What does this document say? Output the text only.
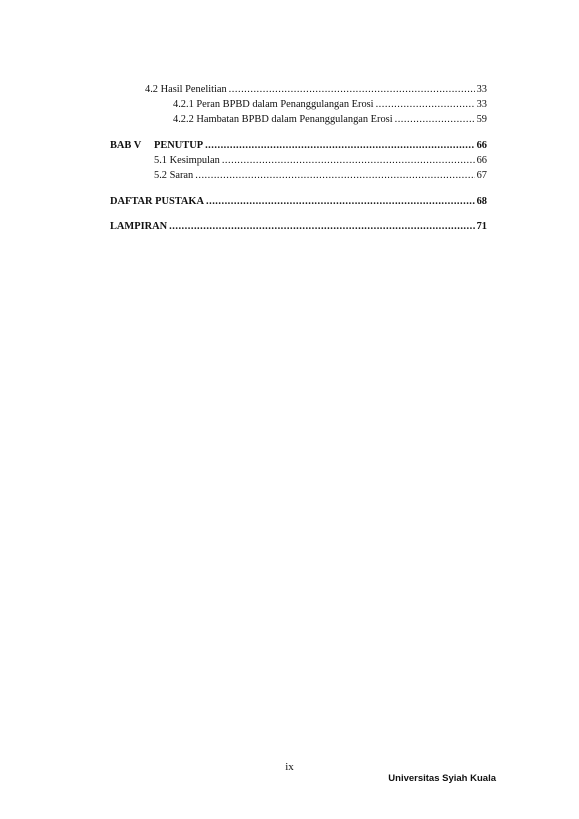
4.2 Hasil Penelitian .....	33
4.2.1 Peran BPBD dalam Penanggulangan Erosi .....	33
4.2.2 Hambatan BPBD dalam Penanggulangan Erosi .....	59
BAB V PENUTUP .....	66
5.1 Kesimpulan .....	66
5.2 Saran .....	67
DAFTAR PUSTAKA .....	68
LAMPIRAN .....	71
ix
Universitas Syiah Kuala
